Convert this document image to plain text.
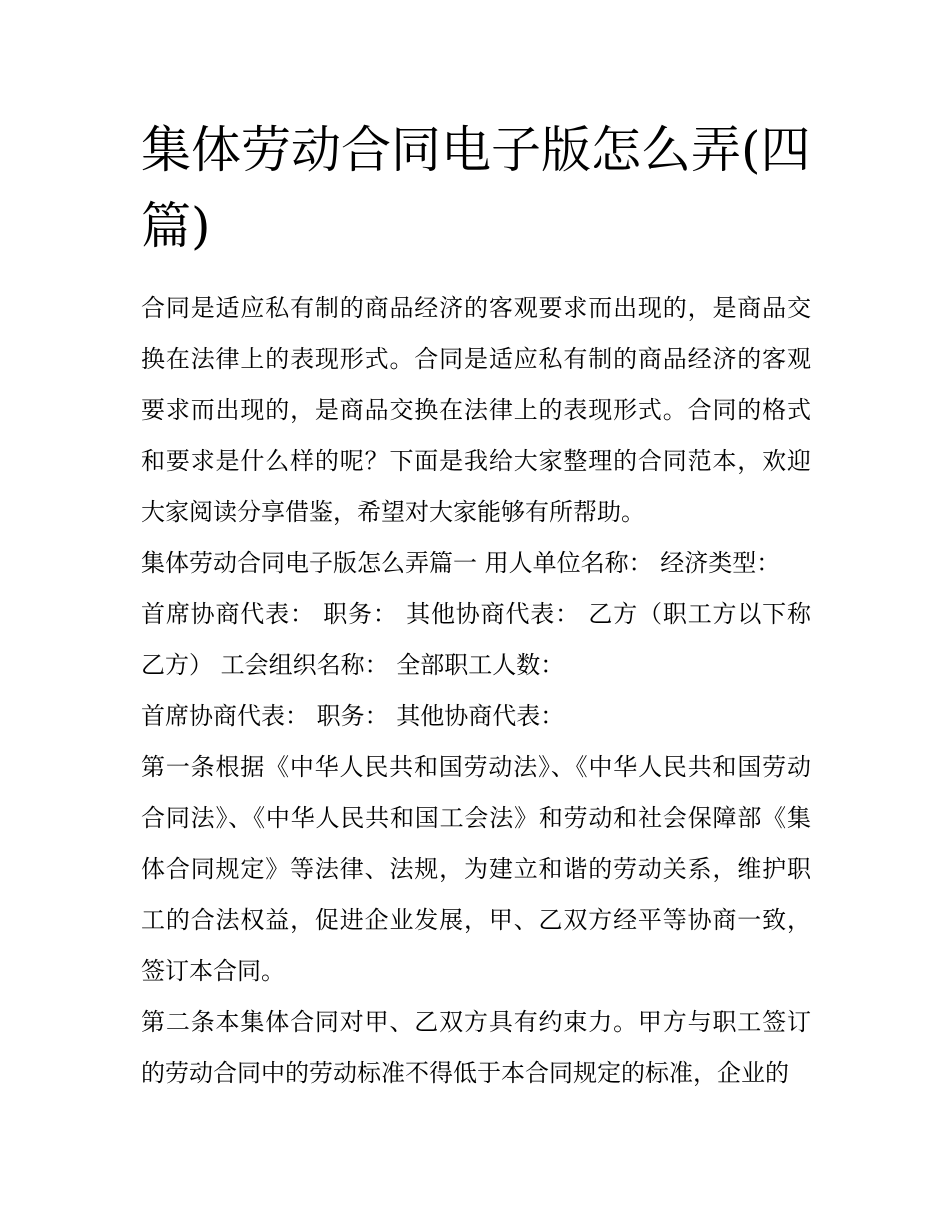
集体劳动合同电子版怎么弄(四篇)

合同是适应私有制的商品经济的客观要求而出现的，是商品交换在法律上的表现形式。合同是适应私有制的商品经济的客观要求而出现的，是商品交换在法律上的表现形式。合同的格式和要求是什么样的呢？下面是我给大家整理的合同范本，欢迎大家阅读分享借鉴，希望对大家能够有所帮助。

集体劳动合同电子版怎么弄篇一 用人单位名称： 经济类型：

首席协商代表： 职务： 其他协商代表： 乙方（职工方以下称乙方） 工会组织名称： 全部职工人数：

首席协商代表： 职务： 其他协商代表：

第一条根据《中华人民共和国劳动法》、《中华人民共和国劳动合同法》、《中华人民共和国工会法》和劳动和社会保障部《集体合同规定》等法律、法规，为建立和谐的劳动关系，维护职工的合法权益，促进企业发展，甲、乙双方经平等协商一致，签订本合同。

第二条本集体合同对甲、乙双方具有约束力。甲方与职工签订的劳动合同中的劳动标准不得低于本合同规定的标准，企业的
